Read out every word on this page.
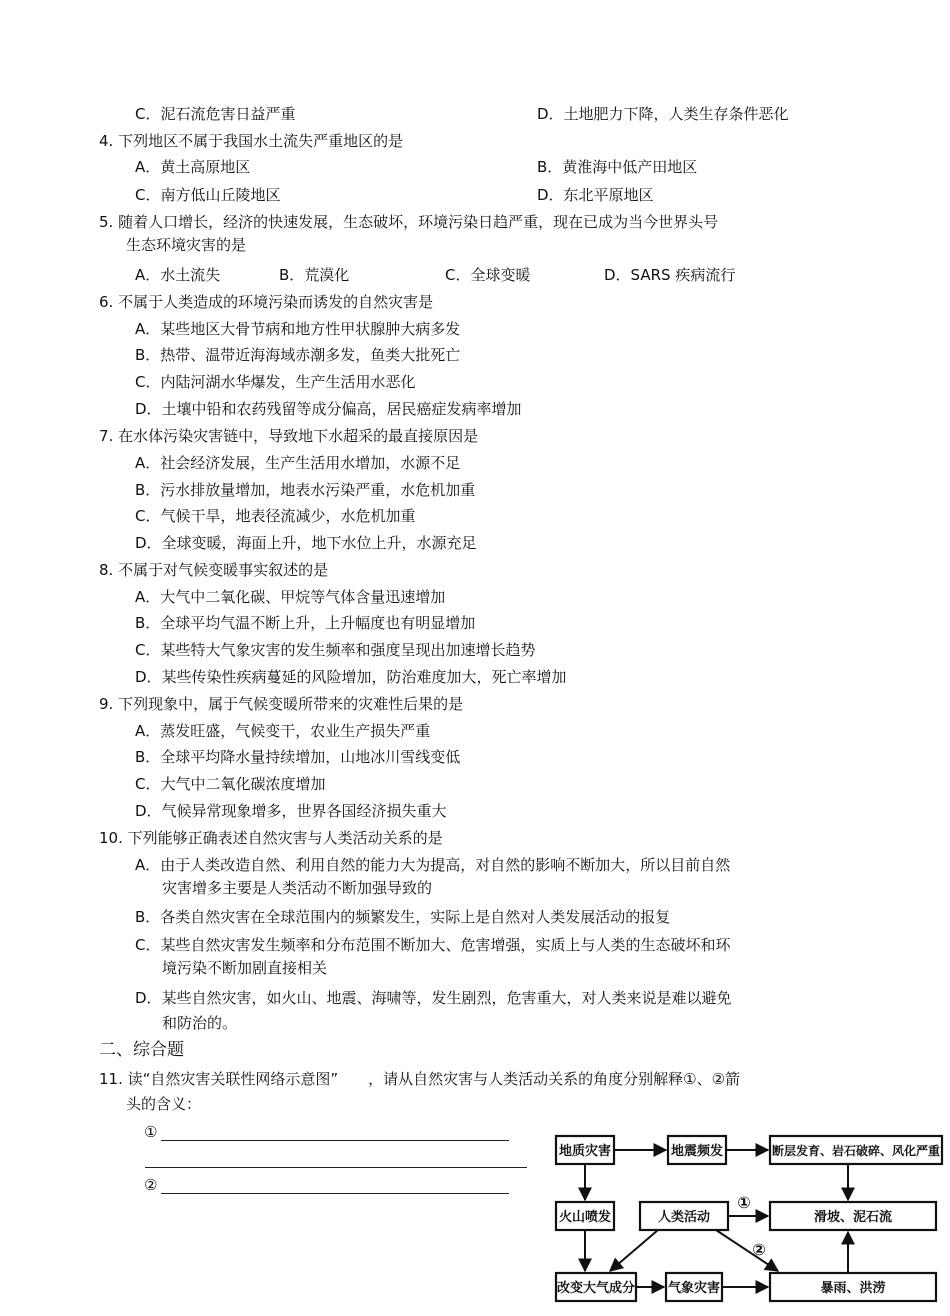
C．泥石流危害日益严重	D．土地肥力下降，人类生存条件恶化
4. 下列地区不属于我国水土流失严重地区的是
A．黄土高原地区	B．黄淮海中低产田地区
C．南方低山丘陵地区	D．东北平原地区
5. 随着人口增长，经济的快速发展，生态破坏，环境污染日趋严重，现在已成为当今世界头号
生态环境灾害的是
A．水土流失	B．荒漠化	C．全球变暖	D．SARS 疾病流行
6. 不属于人类造成的环境污染而诱发的自然灾害是
A．某些地区大骨节病和地方性甲状腺肿大病多发
B．热带、温带近海海域赤潮多发，鱼类大批死亡
C．内陆河湖水华爆发，生产生活用水恶化
D．土壤中铅和农药残留等成分偏高，居民癌症发病率增加
7. 在水体污染灾害链中，导致地下水超采的最直接原因是
A．社会经济发展，生产生活用水增加，水源不足
B．污水排放量增加，地表水污染严重，水危机加重
C．气候干旱，地表径流减少，水危机加重
D．全球变暖，海面上升，地下水位上升，水源充足
8. 不属于对气候变暖事实叙述的是
A．大气中二氧化碳、甲烷等气体含量迅速增加
B．全球平均气温不断上升，上升幅度也有明显增加
C．某些特大气象灾害的发生频率和强度呈现出加速增长趋势
D．某些传染性疾病蔓延的风险增加，防治难度加大，死亡率增加
9. 下列现象中，属于气候变暖所带来的灾难性后果的是
A．蒸发旺盛，气候变干，农业生产损失严重
B．全球平均降水量持续增加，山地冰川雪线变低
C．大气中二氧化碳浓度增加
D．气候异常现象增多，世界各国经济损失重大
10. 下列能够正确表述自然灾害与人类活动关系的是
A．由于人类改造自然、利用自然的能力大为提高，对自然的影响不断加大，所以目前自然
灾害增多主要是人类活动不断加强导致的
B．各类自然灾害在全球范围内的频繁发生，实际上是自然对人类发展活动的报复
C．某些自然灾害发生频率和分布范围不断加大、危害增强，实质上与人类的生态破坏和环
境污染不断加剧直接相关
D．某些自然灾害，如火山、地震、海啸等，发生剧烈，危害重大，对人类来说是难以避免
和防治的。
二、综合题
11. 读“自然灾害关联性网络示意图”　　，请从自然灾害与人类活动关系的角度分别解释①、②箭
头的含义：
①
②
地质灾害	地震频发	断层发育、岩石破碎、风化严重
火山喷发	人类活动	滑坡、泥石流
改变大气成分	气象灾害	暴雨、洪涝
①
②
